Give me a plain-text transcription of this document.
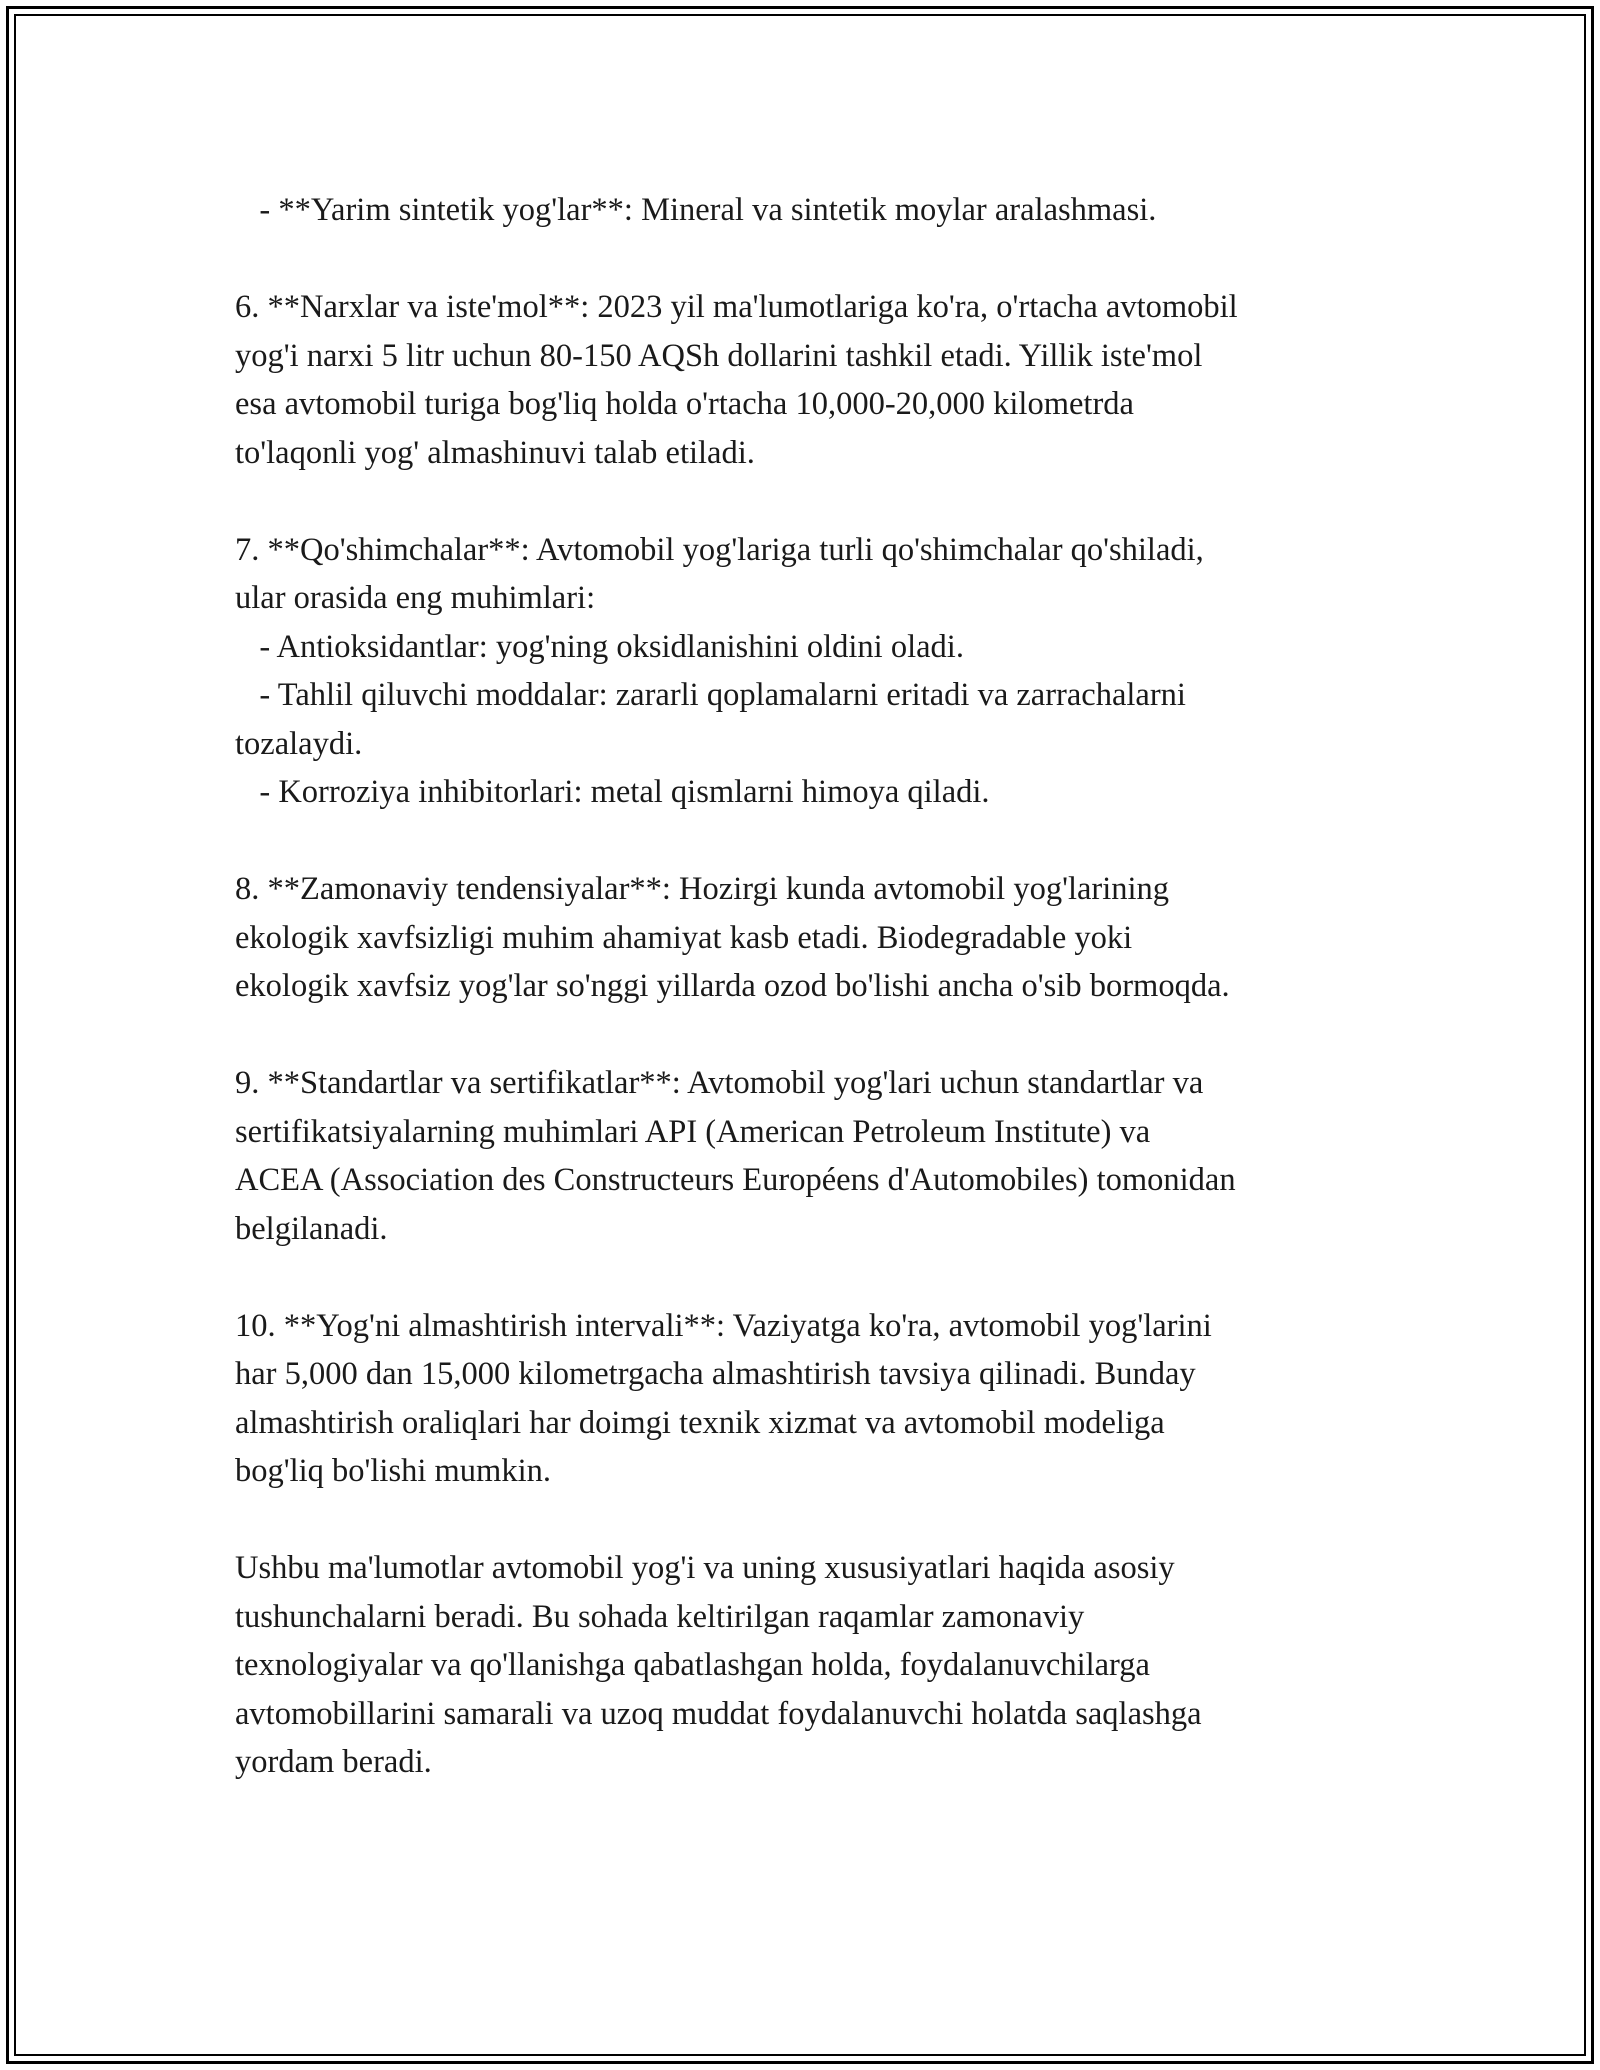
- **Yarim sintetik yog'lar**: Mineral va sintetik moylar aralashmasi.

6. **Narxlar va iste'mol**: 2023 yil ma'lumotlariga ko'ra, o'rtacha avtomobil
yog'i narxi 5 litr uchun 80-150 AQSh dollarini tashkil etadi. Yillik iste'mol
esa avtomobil turiga bog'liq holda o'rtacha 10,000-20,000 kilometrda
to'laqonli yog' almashinuvi talab etiladi.

7. **Qo'shimchalar**: Avtomobil yog'lariga turli qo'shimchalar qo'shiladi,
ular orasida eng muhimlari:
- Antioksidantlar: yog'ning oksidlanishini oldini oladi.
- Tahlil qiluvchi moddalar: zararli qoplamalarni eritadi va zarrachalarni
tozalaydi.
- Korroziya inhibitorlari: metal qismlarni himoya qiladi.

8. **Zamonaviy tendensiyalar**: Hozirgi kunda avtomobil yog'larining
ekologik xavfsizligi muhim ahamiyat kasb etadi. Biodegradable yoki
ekologik xavfsiz yog'lar so'nggi yillarda ozod bo'lishi ancha o'sib bormoqda.

9. **Standartlar va sertifikatlar**: Avtomobil yog'lari uchun standartlar va
sertifikatsiyalarning muhimlari API (American Petroleum Institute) va
ACEA (Association des Constructeurs Européens d'Automobiles) tomonidan
belgilanadi.

10. **Yog'ni almashtirish intervali**: Vaziyatga ko'ra, avtomobil yog'larini
har 5,000 dan 15,000 kilometrgacha almashtirish tavsiya qilinadi. Bunday
almashtirish oraliqlari har doimgi texnik xizmat va avtomobil modeliga
bog'liq bo'lishi mumkin.

Ushbu ma'lumotlar avtomobil yog'i va uning xususiyatlari haqida asosiy
tushunchalarni beradi. Bu sohada keltirilgan raqamlar zamonaviy
texnologiyalar va qo'llanishga qabatlashgan holda, foydalanuvchilarga
avtomobillarini samarali va uzoq muddat foydalanuvchi holatda saqlashga
yordam beradi.
